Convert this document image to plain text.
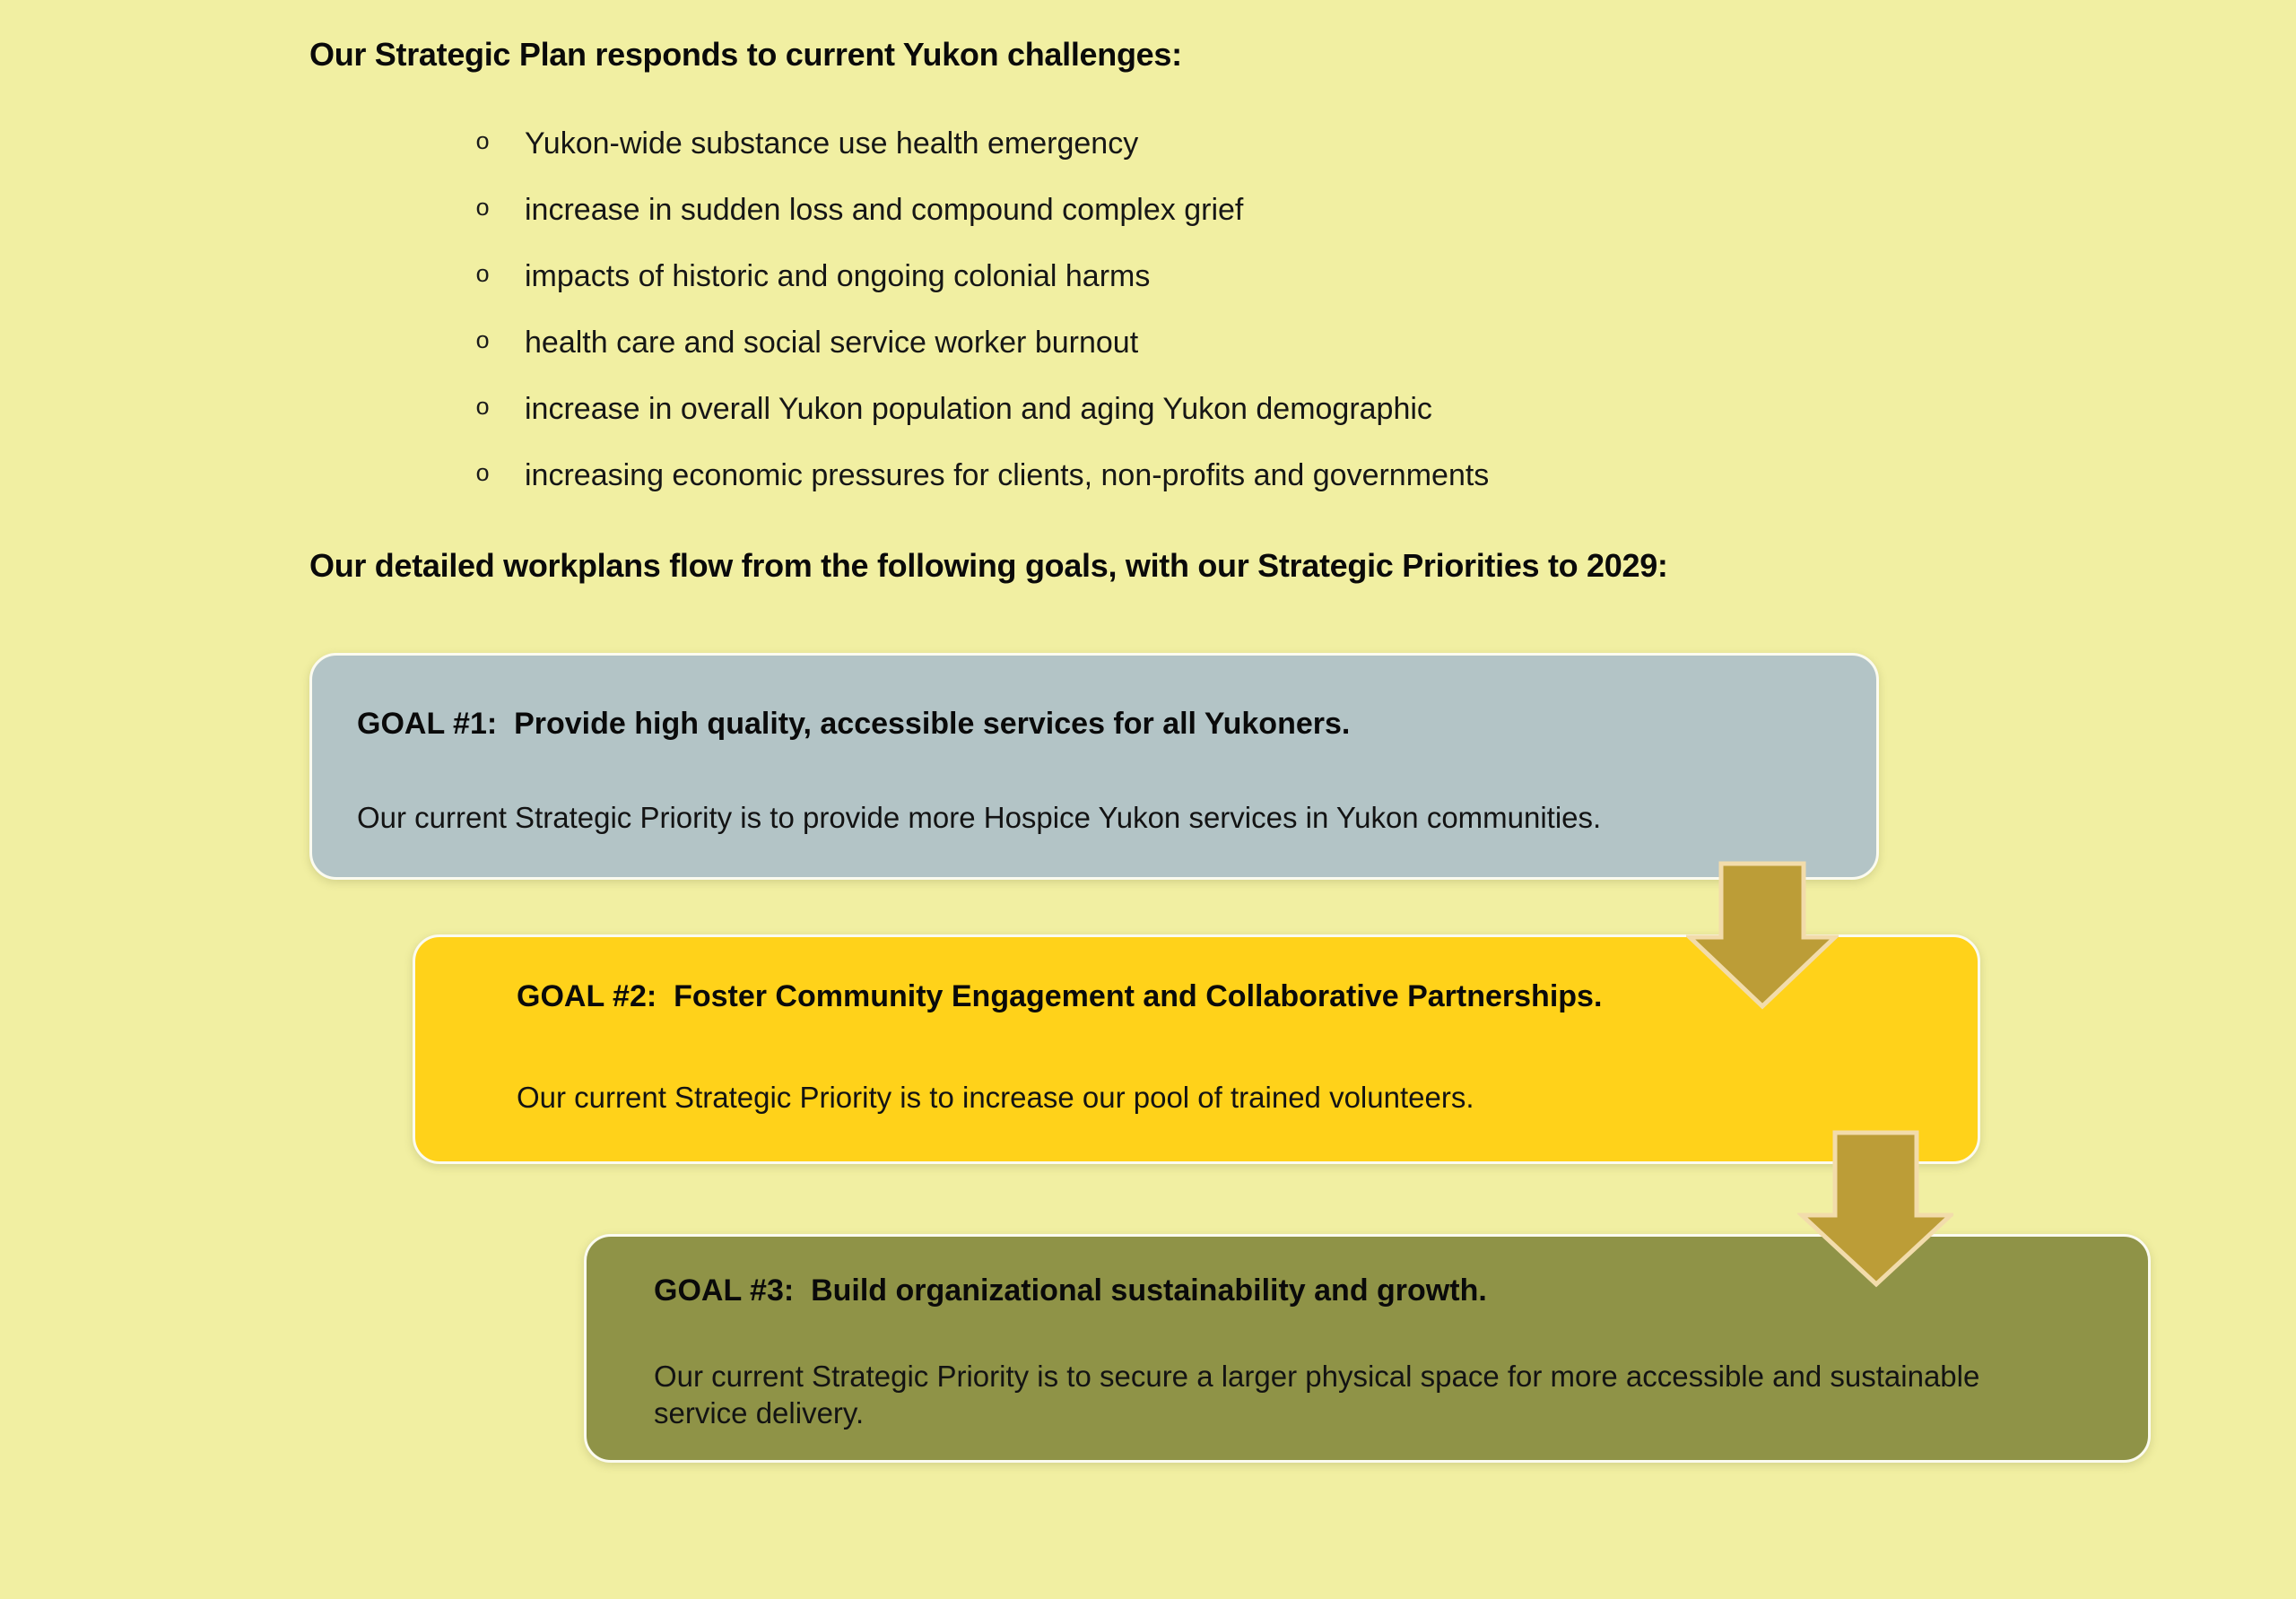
Our Strategic Plan responds to current Yukon challenges:
o	Yukon-wide substance use health emergency
o	increase in sudden loss and compound complex grief
o	impacts of historic and ongoing colonial harms
o	health care and social service worker burnout
o	increase in overall Yukon population and aging Yukon demographic
o	increasing economic pressures for clients, non-profits and governments
Our detailed workplans flow from the following goals, with our Strategic Priorities to 2029:
GOAL #1:  Provide high quality, accessible services for all Yukoners.
Our current Strategic Priority is to provide more Hospice Yukon services in Yukon communities.
GOAL #2:  Foster Community Engagement and Collaborative Partnerships.
Our current Strategic Priority is to increase our pool of trained volunteers.
GOAL #3:  Build organizational sustainability and growth.
Our current Strategic Priority is to secure a larger physical space for more accessible and sustainable service delivery.
